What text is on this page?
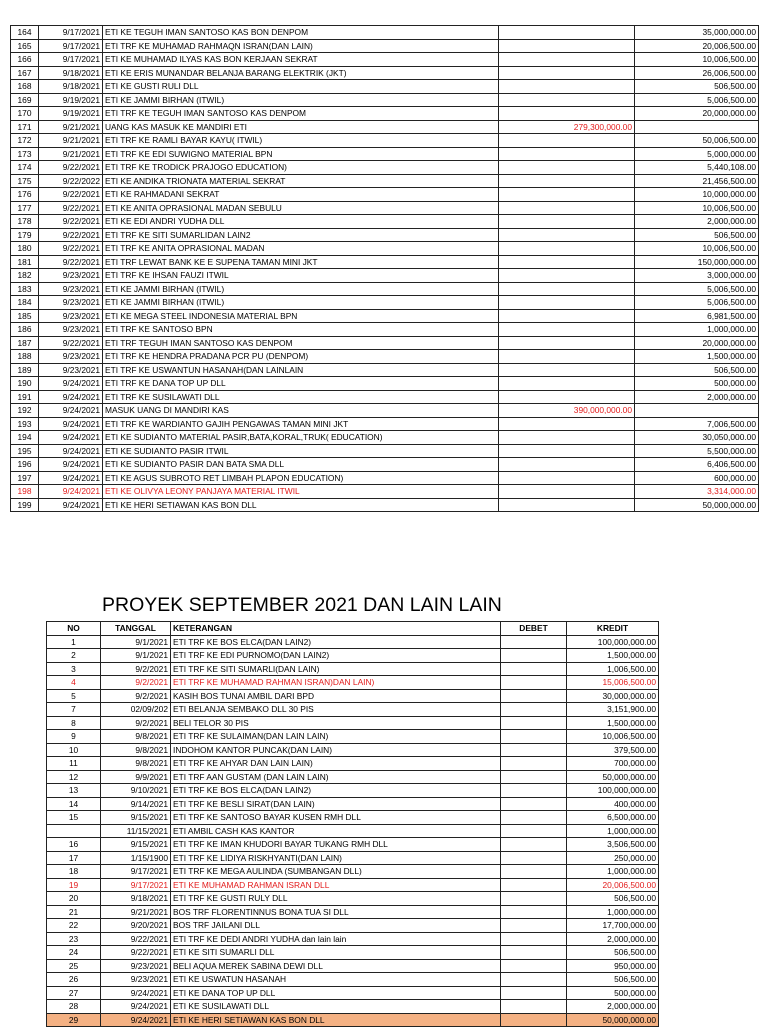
164	9/17/2021	ETI KE TEGUH IMAN SANTOSO KAS BON DENPOM		35,000,000.00
165	9/17/2021	ETI TRF KE MUHAMAD RAHMAQN ISRAN(DAN LAIN)		20,006,500.00
166	9/17/2021	ETI KE MUHAMAD ILYAS KAS BON KERJAAN SEKRAT		10,006,500.00
167	9/18/2021	ETI KE ERIS MUNANDAR BELANJA BARANG ELEKTRIK (JKT)		26,006,500.00
168	9/18/2021	ETI KE GUSTI RULI DLL		506,500.00
169	9/19/2021	ETI KE JAMMI BIRHAN (ITWIL)		5,006,500.00
170	9/19/2021	ETI TRF KE TEGUH IMAN SANTOSO KAS DENPOM		20,000,000.00
171	9/21/2021	UANG KAS MASUK KE MANDIRI ETI	279,300,000.00	
172	9/21/2021	ETI TRF KE RAMLI BAYAR KAYU( ITWIL)		50,006,500.00
173	9/21/2021	ETI TRF KE EDI SUWIGNO MATERIAL BPN		5,000,000.00
174	9/22/2021	ETI TRF KE TRODICK PRAJOGO EDUCATION)		5,440,108.00
175	9/22/2022	ETI KE ANDIKA TRIONATA MATERIAL SEKRAT		21,456,500.00
176	9/22/2021	ETI KE RAHMADANI SEKRAT		10,000,000.00
177	9/22/2021	ETI KE ANITA OPRASIONAL MADAN SEBULU		10,006,500.00
178	9/22/2021	ETI KE EDI ANDRI YUDHA DLL		2,000,000.00
179	9/22/2021	ETI TRF KE SITI SUMARLIDAN LAIN2		506,500.00
180	9/22/2021	ETI TRF KE ANITA OPRASIONAL MADAN		10,006,500.00
181	9/22/2021	ETI TRF LEWAT BANK KE E SUPENA TAMAN MINI JKT		150,000,000.00
182	9/23/2021	ETI TRF KE IHSAN FAUZI ITWIL		3,000,000.00
183	9/23/2021	ETI KE JAMMI BIRHAN (ITWIL)		5,006,500.00
184	9/23/2021	ETI KE JAMMI BIRHAN (ITWIL)		5,006,500.00
185	9/23/2021	ETI KE MEGA STEEL INDONESIA MATERIAL BPN		6,981,500.00
186	9/23/2021	ETI TRF KE SANTOSO BPN		1,000,000.00
187	9/22/2021	ETI TRF TEGUH IMAN SANTOSO KAS DENPOM		20,000,000.00
188	9/23/2021	ETI TRF KE HENDRA PRADANA PCR PU (DENPOM)		1,500,000.00
189	9/23/2021	ETI TRF KE USWANTUN HASANAH(DAN LAINLAIN		506,500.00
190	9/24/2021	ETI TRF KE DANA TOP UP DLL		500,000.00
191	9/24/2021	ETI TRF KE SUSILAWATI DLL		2,000,000.00
192	9/24/2021	MASUK UANG DI MANDIRI KAS	390,000,000.00	
193	9/24/2021	ETI TRF KE WARDIANTO GAJIH PENGAWAS TAMAN MINI JKT		7,006,500.00
194	9/24/2021	ETI KE SUDIANTO MATERIAL PASIR,BATA,KORAL,TRUK( EDUCATION)		30,050,000.00
195	9/24/2021	ETI KE SUDIANTO PASIR ITWIL		5,500,000.00
196	9/24/2021	ETI KE SUDIANTO PASIR DAN BATA SMA DLL		6,406,500.00
197	9/24/2021	ETI KE AGUS SUBROTO RET LIMBAH PLAPON EDUCATION)		600,000.00
198	9/24/2021	ETI KE OLIVYA LEONY PANJAYA MATERIAL ITWIL		3,314,000.00
199	9/24/2021	ETI KE HERI SETIAWAN KAS BON DLL		50,000,000.00
PROYEK SEPTEMBER 2021 DAN LAIN LAIN
NO	TANGGAL	KETERANGAN	DEBET	KREDIT
1	9/1/2021	ETI TRF KE BOS ELCA(DAN LAIN2)		100,000,000.00
2	9/1/2021	ETI TRF KE EDI PURNOMO(DAN LAIN2)		1,500,000.00
3	9/2/2021	ETI TRF KE SITI SUMARLI(DAN LAIN)		1,006,500.00
4	9/2/2021	ETI TRF KE MUHAMAD RAHMAN ISRAN)DAN LAIN)		15,006,500.00
5	9/2/2021	KASIH BOS TUNAI AMBIL DARI BPD		30,000,000.00
7	02/09/202	ETI BELANJA SEMBAKO DLL 30 PIS		3,151,900.00
8	9/2/2021	BELI TELOR 30 PIS		1,500,000.00
9	9/8/2021	ETI TRF KE SULAIMAN(DAN LAIN LAIN)		10,006,500.00
10	9/8/2021	INDOHOM KANTOR PUNCAK(DAN LAIN)		379,500.00
11	9/8/2021	ETI TRF KE AHYAR DAN LAIN LAIN)		700,000.00
12	9/9/2021	ETI TRF AAN GUSTAM (DAN LAIN LAIN)		50,000,000.00
13	9/10/2021	ETI TRF KE BOS ELCA(DAN LAIN2)		100,000,000.00
14	9/14/2021	ETI TRF KE BESLI SIRAT(DAN LAIN)		400,000.00
15	9/15/2021	ETI TRF KE SANTOSO BAYAR KUSEN RMH DLL		6,500,000.00
	11/15/2021	ETI AMBIL CASH KAS KANTOR		1,000,000.00
16	9/15/2021	ETI TRF KE IMAN KHUDORI BAYAR TUKANG RMH DLL		3,506,500.00
17	1/15/1900	ETI TRF KE LIDIYA RISKHYANTI(DAN LAIN)		250,000.00
18	9/17/2021	ETI TRF KE MEGA AULINDA (SUMBANGAN DLL)		1,000,000.00
19	9/17/2021	ETI KE MUHAMAD RAHMAN ISRAN DLL		20,006,500.00
20	9/18/2021	ETI TRF KE GUSTI RULY DLL		506,500.00
21	9/21/2021	BOS TRF FLORENTINNUS BONA TUA SI DLL		1,000,000.00
22	9/20/2021	BOS TRF JAILANI DLL		17,700,000.00
23	9/22/2021	ETI TRF KE DEDI ANDRI YUDHA dan lain lain		2,000,000.00
24	9/22/2021	ETI KE SITI SUMARLI DLL		506,500.00
25	9/23/2021	BELI AQUA MEREK SABINA DEWI DLL		950,000.00
26	9/23/2021	ETI KE USWATUN HASANAH		506,500.00
27	9/24/2021	ETI KE DANA TOP UP DLL		500,000.00
28	9/24/2021	ETI KE SUSILAWATI DLL		2,000,000.00
29	9/24/2021	ETI KE HERI SETIAWAN KAS BON DLL		50,000,000.00
